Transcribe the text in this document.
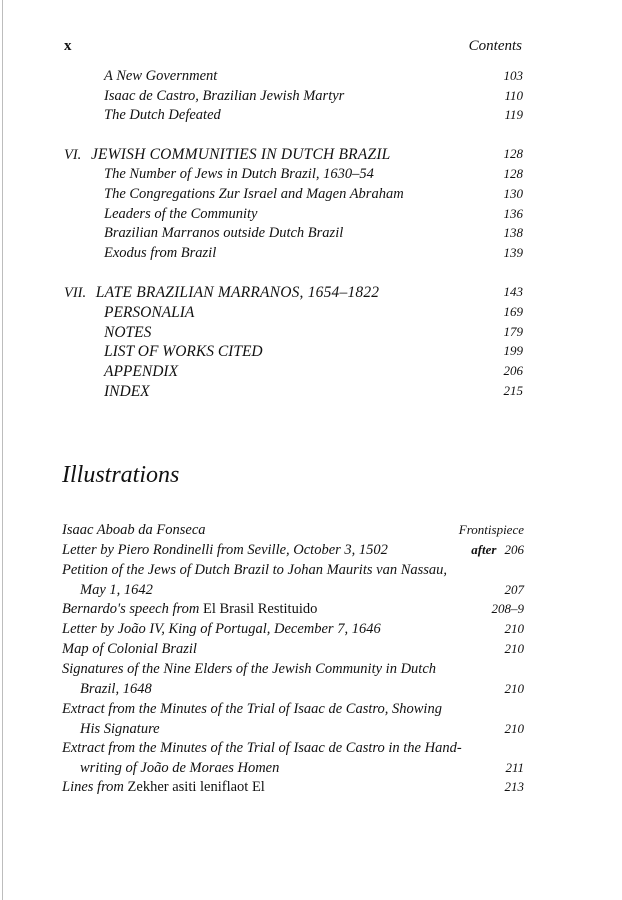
x	Contents
A New Government	103
Isaac de Castro, Brazilian Jewish Martyr	110
The Dutch Defeated	119
VI. JEWISH COMMUNITIES IN DUTCH BRAZIL	128
The Number of Jews in Dutch Brazil, 1630–54	128
The Congregations Zur Israel and Magen Abraham	130
Leaders of the Community	136
Brazilian Marranos outside Dutch Brazil	138
Exodus from Brazil	139
VII. LATE BRAZILIAN MARRANOS, 1654–1822	143
PERSONALIA	169
NOTES	179
LIST OF WORKS CITED	199
APPENDIX	206
INDEX	215
Illustrations
Isaac Aboab da Fonseca	Frontispiece
Letter by Piero Rondinelli from Seville, October 3, 1502	after 206
Petition of the Jews of Dutch Brazil to Johan Maurits van Nassau,
May 1, 1642	207
Bernardo's speech from El Brasil Restituido	208–9
Letter by João IV, King of Portugal, December 7, 1646	210
Map of Colonial Brazil	210
Signatures of the Nine Elders of the Jewish Community in Dutch
Brazil, 1648	210
Extract from the Minutes of the Trial of Isaac de Castro, Showing
His Signature	210
Extract from the Minutes of the Trial of Isaac de Castro in the Hand-
writing of João de Moraes Homen	211
Lines from Zekher asiti leniflaot El	213
